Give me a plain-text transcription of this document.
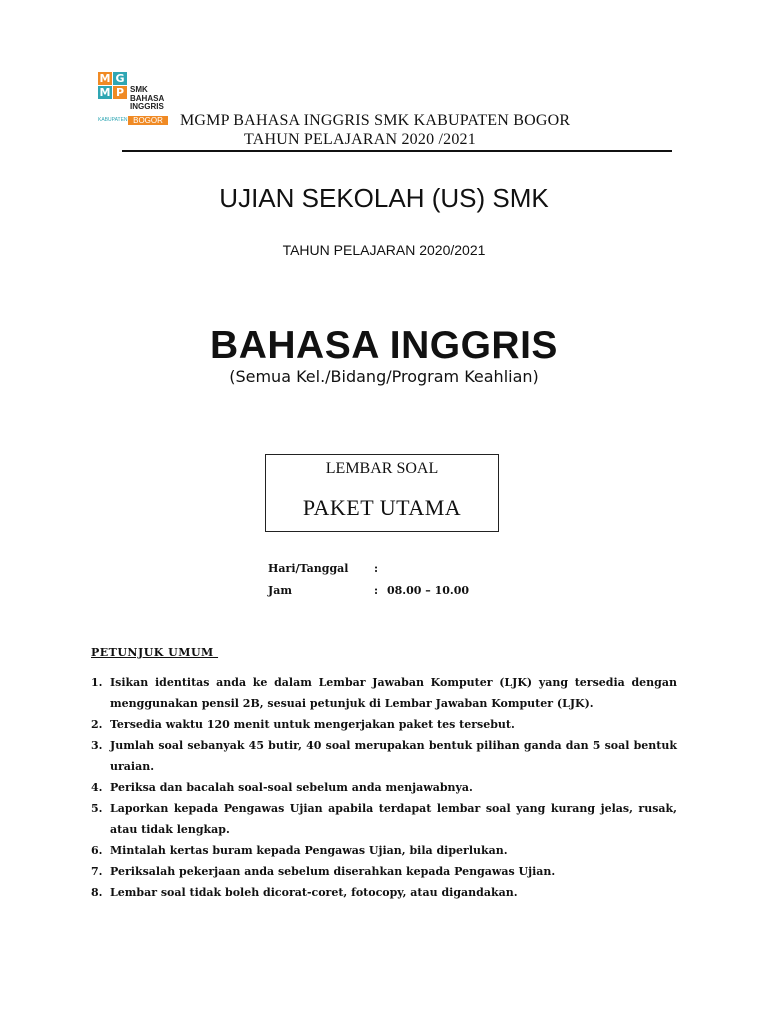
M G
M P SMK
BAHASA
INGGRIS
KABUPATEN BOGOR	MGMP BAHASA INGGRIS SMK KABUPATEN BOGOR
TAHUN PELAJARAN 2020 /2021
UJIAN SEKOLAH (US) SMK
TAHUN PELAJARAN 2020/2021
BAHASA INGGRIS
(Semua Kel./Bidang/Program Keahlian)
LEMBAR SOAL
PAKET UTAMA
Hari/Tanggal :
Jam	: 08.00 – 10.00
PETUNJUK UMUM
1. Isikan identitas anda ke dalam Lembar Jawaban Komputer (LJK) yang tersedia dengan menggunakan pensil 2B, sesuai petunjuk di Lembar Jawaban Komputer (LJK).
2. Tersedia waktu 120 menit untuk mengerjakan paket tes tersebut.
3. Jumlah soal sebanyak 45 butir, 40 soal merupakan bentuk pilihan ganda dan 5 soal bentuk uraian.
4. Periksa dan bacalah soal-soal sebelum anda menjawabnya.
5. Laporkan kepada Pengawas Ujian apabila terdapat lembar soal yang kurang jelas, rusak, atau tidak lengkap.
6. Mintalah kertas buram kepada Pengawas Ujian, bila diperlukan.
7. Periksalah pekerjaan anda sebelum diserahkan kepada Pengawas Ujian.
8. Lembar soal tidak boleh dicorat-coret, fotocopy, atau digandakan.
